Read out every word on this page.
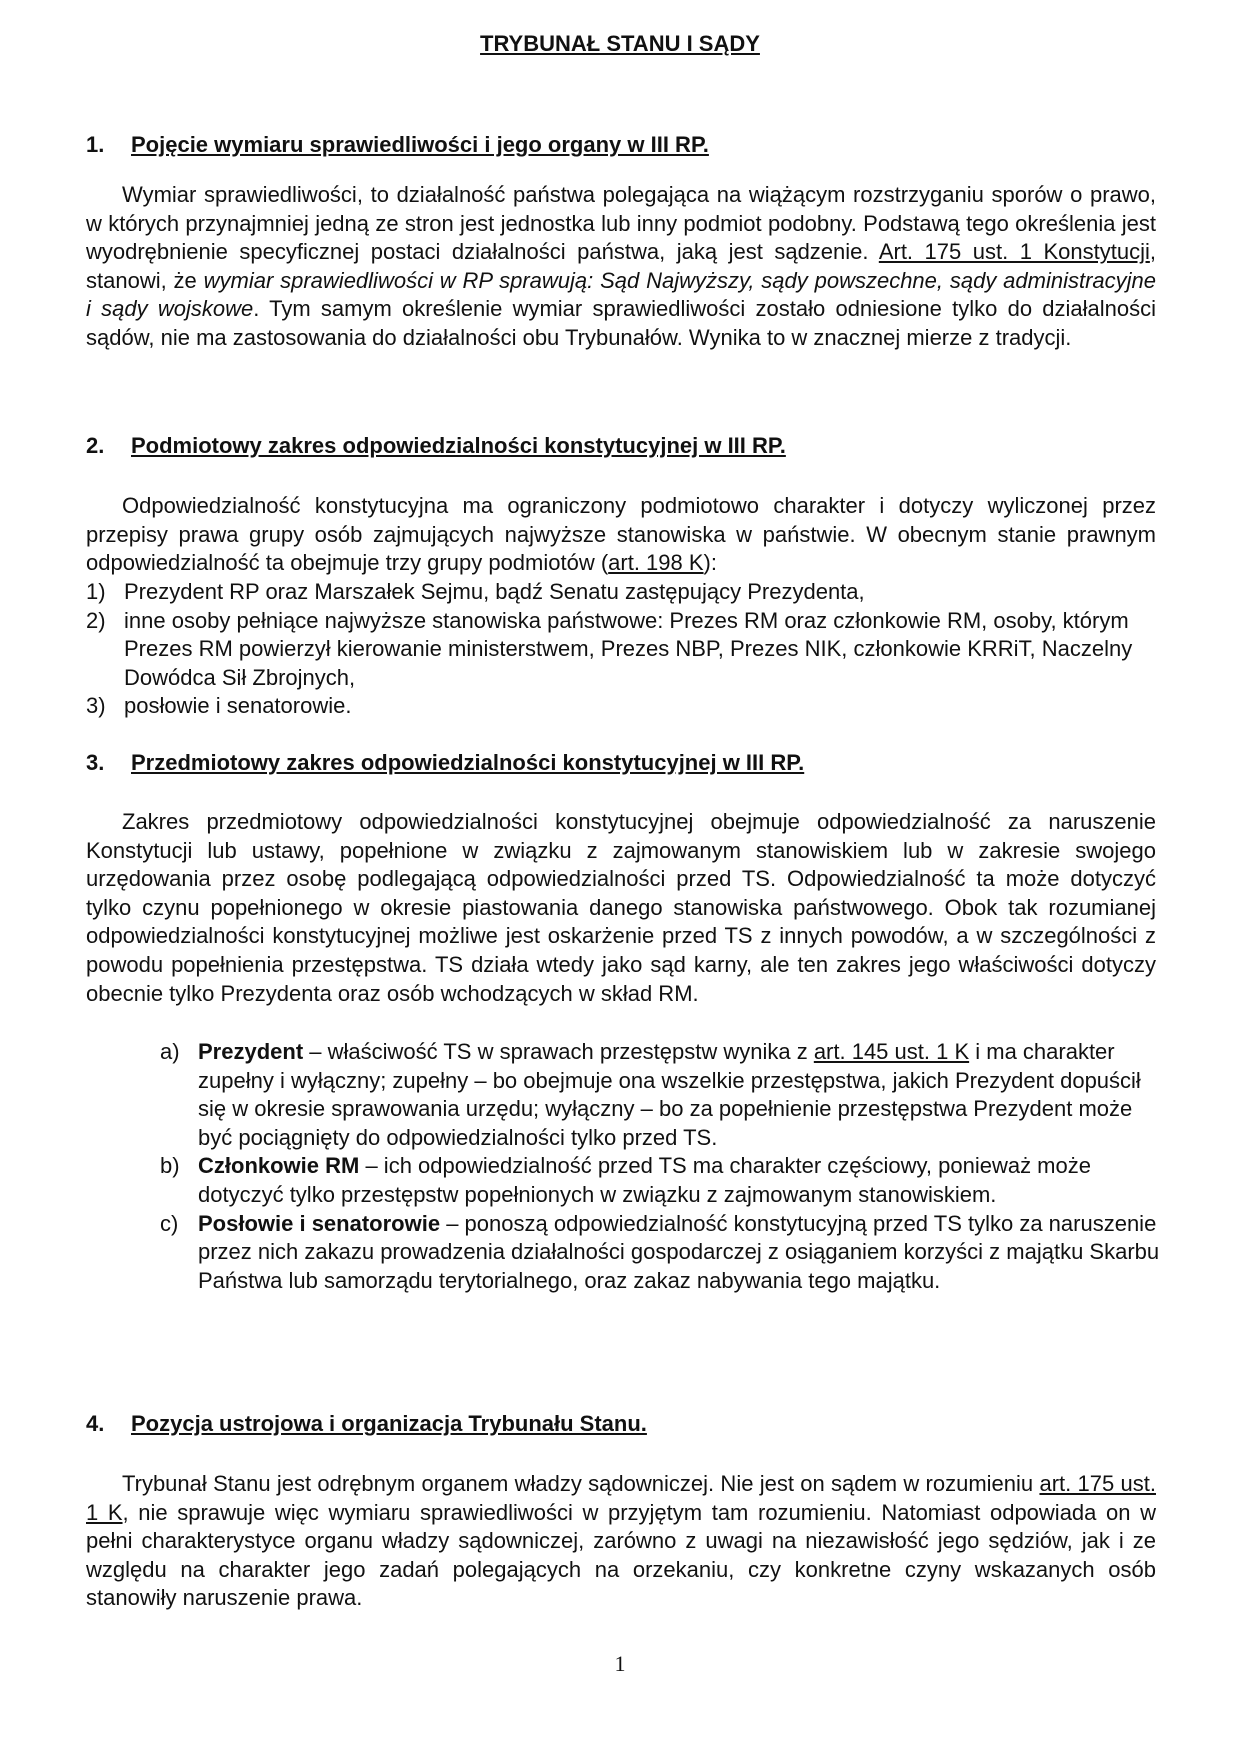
TRYBUNAŁ STANU I SĄDY
1. Pojęcie wymiaru sprawiedliwości i jego organy w III RP.
Wymiar sprawiedliwości, to działalność państwa polegająca na wiążącym rozstrzyganiu sporów o prawo, w których przynajmniej jedną ze stron jest jednostka lub inny podmiot podobny. Podstawą tego określenia jest wyodrębnienie specyficznej postaci działalności państwa, jaką jest sądzenie. Art. 175 ust. 1 Konstytucji, stanowi, że wymiar sprawiedliwości w RP sprawują: Sąd Najwyższy, sądy powszechne, sądy administracyjne i sądy wojskowe. Tym samym określenie wymiar sprawiedliwości zostało odniesione tylko do działalności sądów, nie ma zastosowania do działalności obu Trybunałów. Wynika to w znacznej mierze z tradycji.
2. Podmiotowy zakres odpowiedzialności konstytucyjnej w III RP.
Odpowiedzialność konstytucyjna ma ograniczony podmiotowo charakter i dotyczy wyliczonej przez przepisy prawa grupy osób zajmujących najwyższe stanowiska w państwie. W obecnym stanie prawnym odpowiedzialność ta obejmuje trzy grupy podmiotów (art. 198 K):
1) Prezydent RP oraz Marszałek Sejmu, bądź Senatu zastępujący Prezydenta,
2) inne osoby pełniące najwyższe stanowiska państwowe: Prezes RM oraz członkowie RM, osoby, którym Prezes RM powierzył kierowanie ministerstwem, Prezes NBP, Prezes NIK, członkowie KRRiT, Naczelny Dowódca Sił Zbrojnych,
3) posłowie i senatorowie.
3. Przedmiotowy zakres odpowiedzialności konstytucyjnej w III RP.
Zakres przedmiotowy odpowiedzialności konstytucyjnej obejmuje odpowiedzialność za naruszenie Konstytucji lub ustawy, popełnione w związku z zajmowanym stanowiskiem lub w zakresie swojego urzędowania przez osobę podlegającą odpowiedzialności przed TS. Odpowiedzialność ta może dotyczyć tylko czynu popełnionego w okresie piastowania danego stanowiska państwowego. Obok tak rozumianej odpowiedzialności konstytucyjnej możliwe jest oskarżenie przed TS z innych powodów, a w szczególności z powodu popełnienia przestępstwa. TS działa wtedy jako sąd karny, ale ten zakres jego właściwości dotyczy obecnie tylko Prezydenta oraz osób wchodzących w skład RM.
a) Prezydent – właściwość TS w sprawach przestępstw wynika z art. 145 ust. 1 K i ma charakter zupełny i wyłączny; zupełny – bo obejmuje ona wszelkie przestępstwa, jakich Prezydent dopuścił się w okresie sprawowania urzędu; wyłączny – bo za popełnienie przestępstwa Prezydent może być pociągnięty do odpowiedzialności tylko przed TS.
b) Członkowie RM – ich odpowiedzialność przed TS ma charakter częściowy, ponieważ może dotyczyć tylko przestępstw popełnionych w związku z zajmowanym stanowiskiem.
c) Posłowie i senatorowie – ponoszą odpowiedzialność konstytucyjną przed TS tylko za naruszenie przez nich zakazu prowadzenia działalności gospodarczej z osiąganiem korzyści z majątku Skarbu Państwa lub samorządu terytorialnego, oraz zakaz nabywania tego majątku.
4. Pozycja ustrojowa i organizacja Trybunału Stanu.
Trybunał Stanu jest odrębnym organem władzy sądowniczej. Nie jest on sądem w rozumieniu art. 175 ust. 1 K, nie sprawuje więc wymiaru sprawiedliwości w przyjętym tam rozumieniu. Natomiast odpowiada on w pełni charakterystyce organu władzy sądowniczej, zarówno z uwagi na niezawisłość jego sędziów, jak i ze względu na charakter jego zadań polegających na orzekaniu, czy konkretne czyny wskazanych osób stanowiły naruszenie prawa.
1
